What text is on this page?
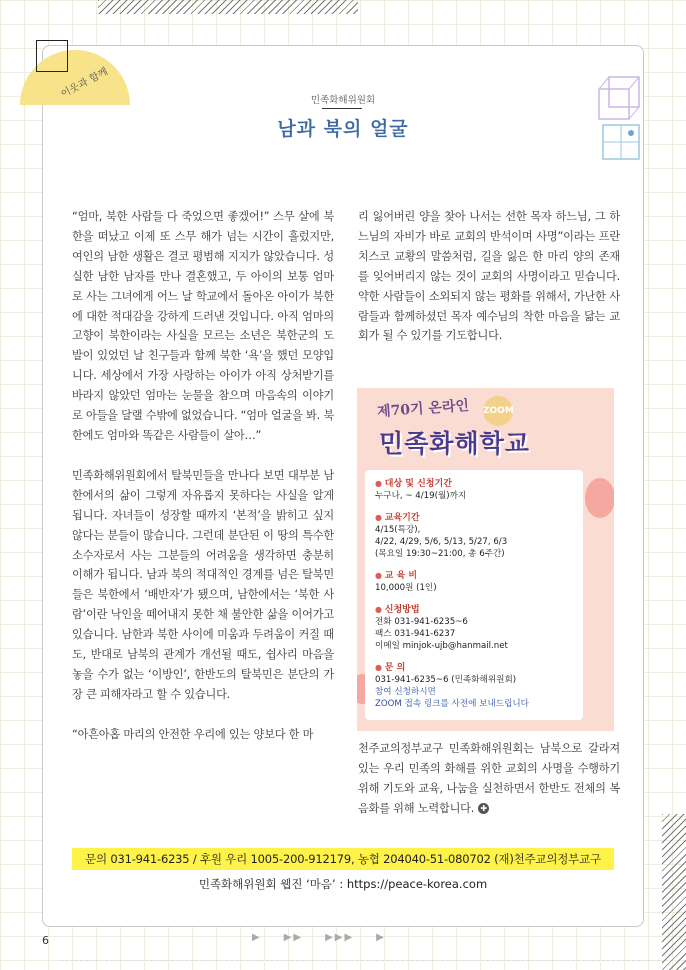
이웃과 함께
민족화해위원회
남과 북의 얼굴

“엄마, 북한 사람들 다 죽었으면 좋겠어!” 스무 살에 북한을 떠났고 이제 또 스무 해가 넘는 시간이 흘렀지만, 여인의 남한 생활은 결코 평범해 지지가 않았습니다. 성실한 남한 남자를 만나 결혼했고, 두 아이의 보통 엄마로 사는 그녀에게 어느 날 학교에서 돌아온 아이가 북한에 대한 적대감을 강하게 드러낸 것입니다. 아직 엄마의 고향이 북한이라는 사실을 모르는 소년은 북한군의 도발이 있었던 날 친구들과 함께 북한 ‘욕’을 했던 모양입니다. 세상에서 가장 사랑하는 아이가 아직 상처받기를 바라지 않았던 엄마는 눈물을 참으며 마음속의 이야기로 아들을 달랠 수밖에 없었습니다. “엄마 얼굴을 봐. 북한에도 엄마와 똑같은 사람들이 살아…”

민족화해위원회에서 탈북민들을 만나다 보면 대부분 남한에서의 삶이 그렇게 자유롭지 못하다는 사실을 알게 됩니다. 자녀들이 성장할 때까지 ‘본적’을 밝히고 싶지 않다는 분들이 많습니다. 그런데 분단된 이 땅의 특수한 소수자로서 사는 그분들의 어려움을 생각하면 충분히 이해가 됩니다. 남과 북의 적대적인 경계를 넘은 탈북민들은 북한에서 ‘배반자’가 됐으며, 남한에서는 ‘북한 사람’이란 낙인을 떼어내지 못한 채 불안한 삶을 이어가고 있습니다. 남한과 북한 사이에 미움과 두려움이 커질 때도, 반대로 남북의 관계가 개선될 때도, 쉽사리 마음을 놓을 수가 없는 ‘이방인’, 한반도의 탈북민은 분단의 가장 큰 피해자라고 할 수 있습니다.

“아흔아홉 마리의 안전한 우리에 있는 양보다 한 마

리 잃어버린 양을 찾아 나서는 선한 목자 하느님, 그 하느님의 자비가 바로 교회의 반석이며 사명”이라는 프란치스코 교황의 말씀처럼, 길을 잃은 한 마리 양의 존재를 잊어버리지 않는 것이 교회의 사명이라고 믿습니다. 약한 사람들이 소외되지 않는 평화를 위해서, 가난한 사람들과 함께하셨던 목자 예수님의 착한 마음을 닮는 교회가 될 수 있기를 기도합니다.

제70기 온라인 ZOOM
민족화해학교
● 대상 및 신청기간
누구나, ~ 4/19(월)까지
● 교육기간
4/15(특강),
4/22, 4/29, 5/6, 5/13, 5/27, 6/3
(목요일 19:30~21:00, 총 6주간)
● 교 육 비
10,000원 (1인)
● 신청방법
전화 031-941-6235~6
팩스 031-941-6237
이메일 minjok-ujb@hanmail.net
● 문 의
031-941-6235~6 (민족화해위원회)
참여 신청하시면
ZOOM 접속 링크를 사전에 보내드립니다

천주교의정부교구 민족화해위원회는 남북으로 갈라져 있는 우리 민족의 화해를 위한 교회의 사명을 수행하기 위해 기도와 교육, 나눔을 실천하면서 한반도 전체의 복음화를 위해 노력합니다. ✚

문의 031-941-6235 / 후원 우리 1005-200-912179, 농협 204040-51-080702 (재)천주교의정부교구
민족화해위원회 웹진 ‘마음’ : https://peace-korea.com
6	▶ ▶▶ ▶▶▶ ▶
